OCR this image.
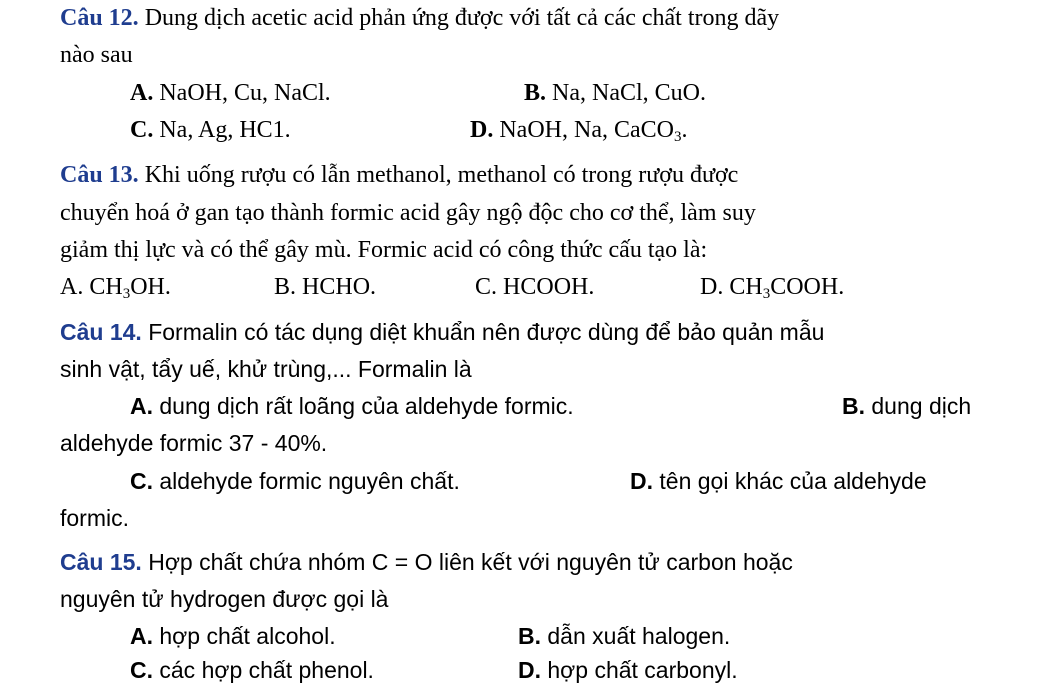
Câu 12. Dung dịch acetic acid phản ứng được với tất cả các chất trong dãy
nào sau
A. NaOH, Cu, NaCl.	B. Na, NaCl, CuO.
C. Na, Ag, HC1.	D. NaOH, Na, CaCO$_3$.
Câu 13. Khi uống rượu có lẫn methanol, methanol có trong rượu được
chuyển hoá ở gan tạo thành formic acid gây ngộ độc cho cơ thể, làm suy
giảm thị lực và có thể gây mù. Formic acid có công thức cấu tạo là:
A. $CH_3OH$.	B. HCHO.	C. HCOOH.	D. $CH_3COOH$.
Câu 14. Formalin có tác dụng diệt khuẩn nên được dùng để bảo quản mẫu
sinh vật, tẩy uế, khử trùng,... Formalin là
A. dung dịch rất loãng của aldehyde formic.	B. dung dịch
aldehyde formic 37 - 40%.
C. aldehyde formic nguyên chất.	D. tên gọi khác của aldehyde
formic.
Câu 15. Hợp chất chứa nhóm C = O liên kết với nguyên tử carbon hoặc
nguyên tử hydrogen được gọi là
A. hợp chất alcohol.	B. dẫn xuất halogen.
C. các hợp chất phenol.	D. hợp chất carbonyl.
